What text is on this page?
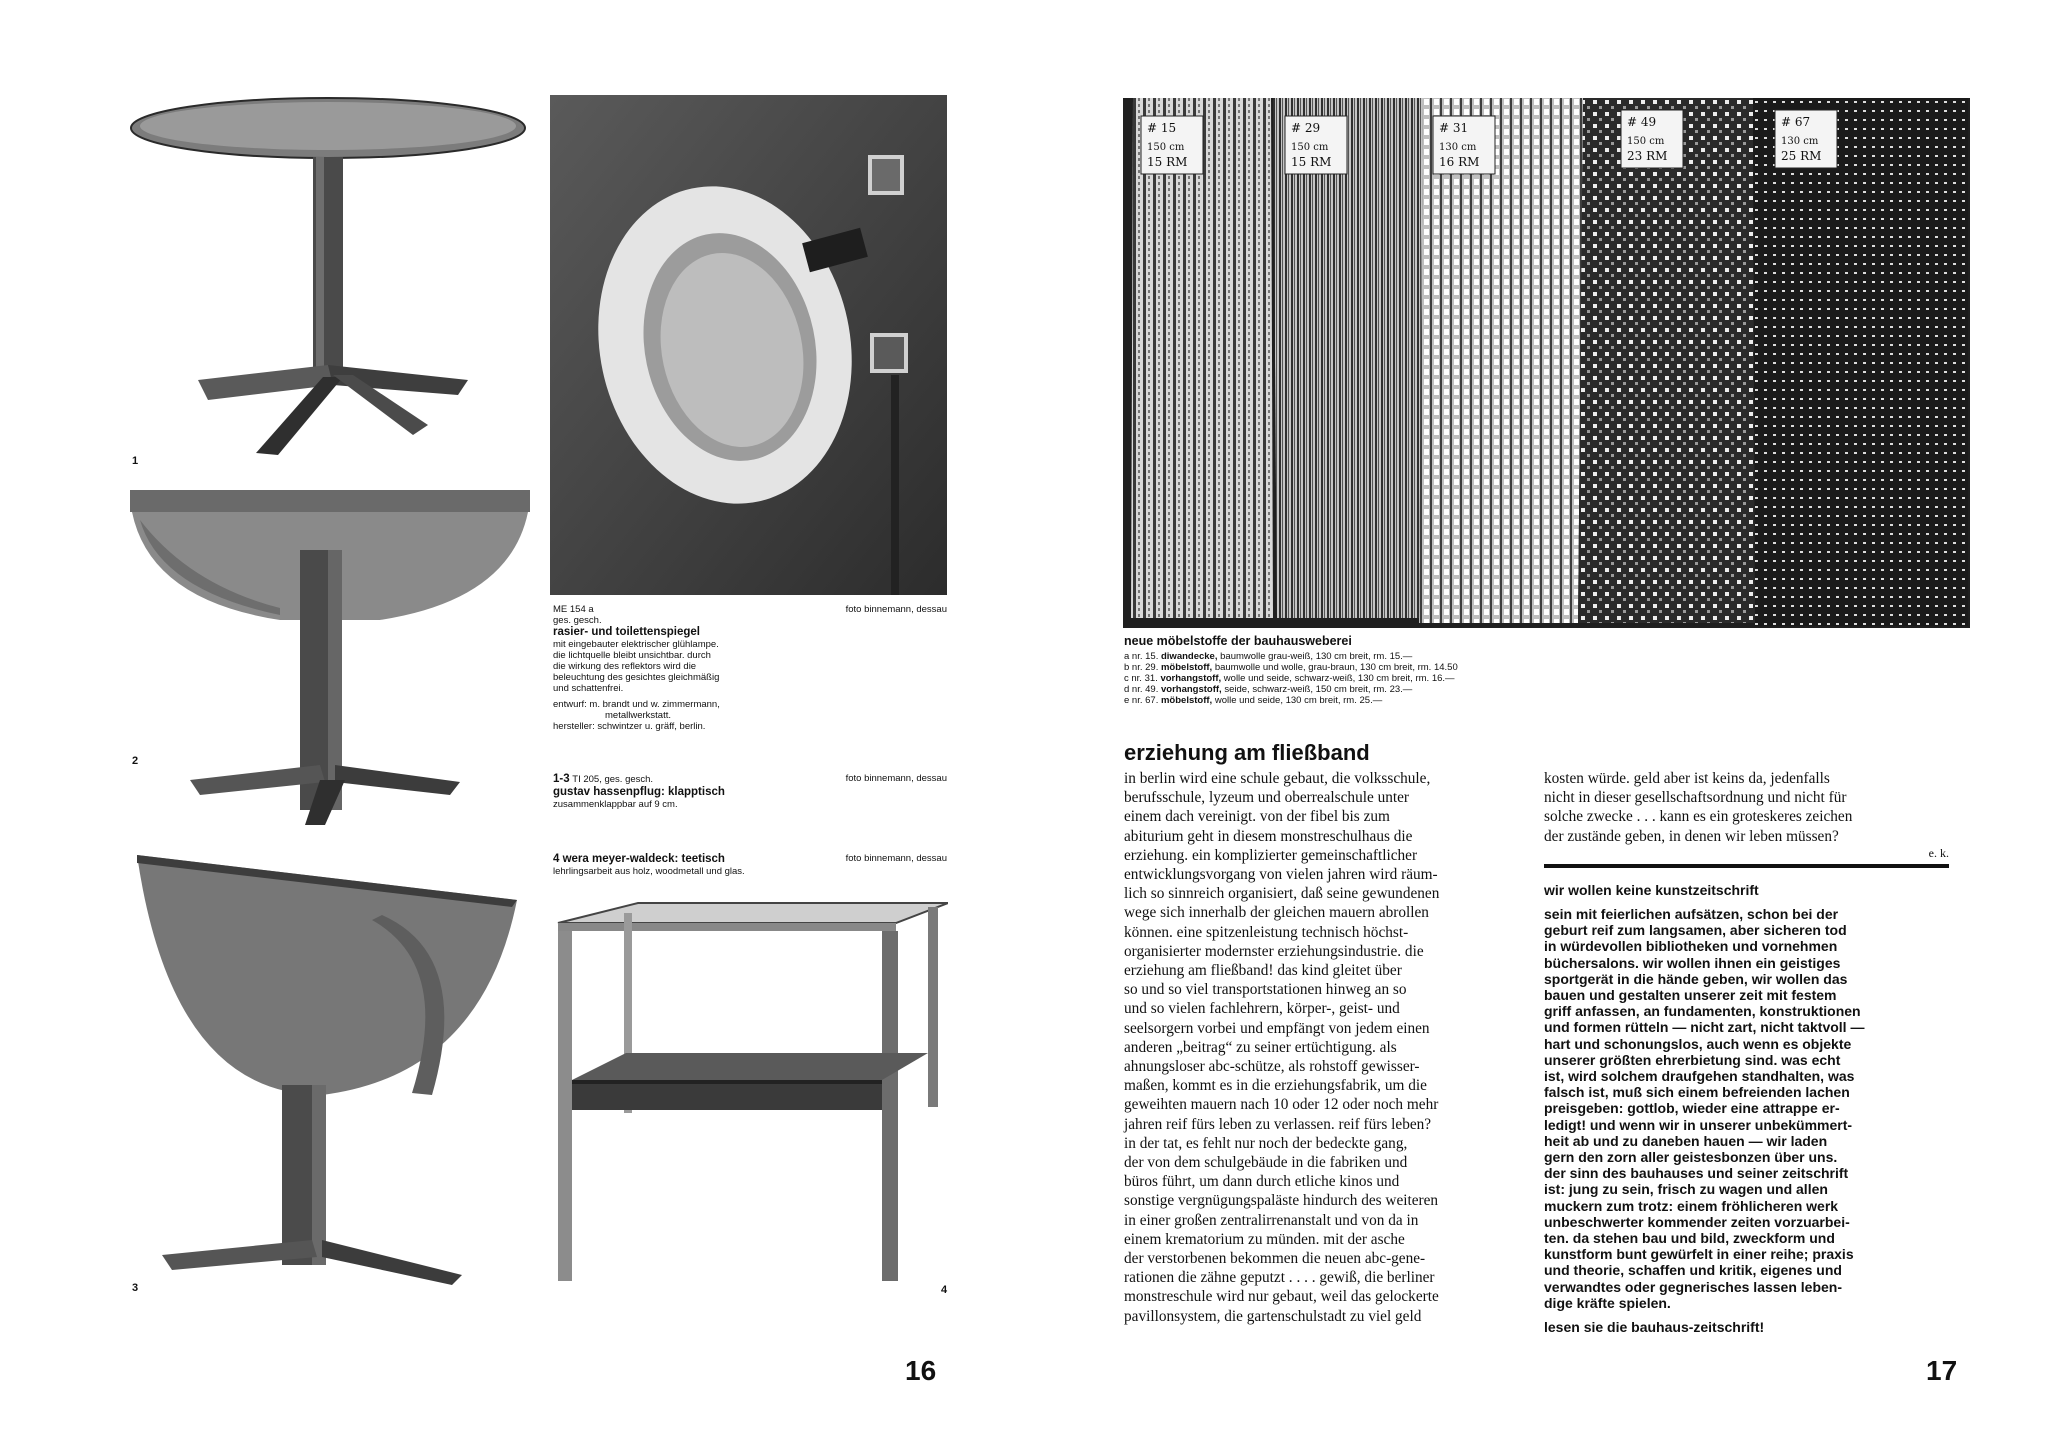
1
2
3
ME 154 a	foto binnemann, dessau
ges. gesch.
rasier- und toilettenspiegel
mit eingebauter elektrischer glühlampe.
die lichtquelle bleibt unsichtbar. durch
die wirkung des reflektors wird die
beleuchtung des gesichtes gleichmäßig
und schattenfrei.
entwurf: m. brandt und w. zimmermann,
metallwerkstatt.
hersteller: schwintzer u. gräff, berlin.
1-3 TI 205, ges. gesch.	foto binnemann, dessau
gustav hassenpflug: klapptisch
zusammenklappbar auf 9 cm.
4 wera meyer-waldeck: teetisch	foto binnemann, dessau
lehrlingsarbeit aus holz, woodmetall und glas.
4
16
# 15
150 cm
15 RM
# 29
150 cm
15 RM
# 31
130 cm
16 RM
# 49
150 cm
23 RM
# 67
130 cm
25 RM
neue möbelstoffe der bauhausweberei
a nr. 15. diwandecke, baumwolle grau-weiß, 130 cm breit, rm. 15.—
b nr. 29. möbelstoff, baumwolle und wolle, grau-braun, 130 cm breit, rm. 14.50
c nr. 31. vorhangstoff, wolle und seide, schwarz-weiß, 130 cm breit, rm. 16.—
d nr. 49. vorhangstoff, seide, schwarz-weiß, 150 cm breit, rm. 23.—
e nr. 67. möbelstoff, wolle und seide, 130 cm breit, rm. 25.—
erziehung am fließband

in berlin wird eine schule gebaut, die volksschule,

berufsschule, lyzeum und oberrealschule unter

einem dach vereinigt. von der fibel bis zum

abiturium geht in diesem monstreschulhaus die

erziehung. ein komplizierter gemeinschaftlicher

entwicklungsvorgang von vielen jahren wird räum-

lich so sinnreich organisiert, daß seine gewundenen

wege sich innerhalb der gleichen mauern abrollen

können. eine spitzenleistung technisch höchst-

organisierter modernster erziehungsindustrie. die

erziehung am fließband! das kind gleitet über

so und so viel transportstationen hinweg an so

und so vielen fachlehrern, körper-, geist- und

seelsorgern vorbei und empfängt von jedem einen

anderen „beitrag“ zu seiner ertüchtigung. als

ahnungsloser abc-schütze, als rohstoff gewisser-

maßen, kommt es in die erziehungsfabrik, um die

geweihten mauern nach 10 oder 12 oder noch mehr

jahren reif fürs leben zu verlassen. reif fürs leben?

in der tat, es fehlt nur noch der bedeckte gang,

der von dem schulgebäude in die fabriken und

büros führt, um dann durch etliche kinos und

sonstige vergnügungspaläste hindurch des weiteren

in einer großen zentralirrenanstalt und von da in

einem krematorium zu münden. mit der asche

der verstorbenen bekommen die neuen abc-gene-

rationen die zähne geputzt . . . . gewiß, die berliner

monstreschule wird nur gebaut, weil das gelockerte

pavillonsystem, die gartenschulstadt zu viel geld

kosten würde. geld aber ist keins da, jedenfalls

nicht in dieser gesellschaftsordnung und nicht für

solche zwecke . . . kann es ein groteskeres zeichen

der zustände geben, in denen wir leben müssen?

e. k.

wir wollen keine kunstzeitschrift
sein mit feierlichen aufsätzen, schon bei der
geburt reif zum langsamen, aber sicheren tod
in würdevollen bibliotheken und vornehmen
büchersalons. wir wollen ihnen ein geistiges
sportgerät in die hände geben, wir wollen das
bauen und gestalten unserer zeit mit festem
griff anfassen, an fundamenten, konstruktionen
und formen rütteln — nicht zart, nicht taktvoll —
hart und schonungslos, auch wenn es objekte
unserer größten ehrerbietung sind. was echt
ist, wird solchem draufgehen standhalten, was
falsch ist, muß sich einem befreienden lachen
preisgeben: gottlob, wieder eine attrappe er-
ledigt! und wenn wir in unserer unbekümmert-
heit ab und zu daneben hauen — wir laden
gern den zorn aller geistesbonzen über uns.
der sinn des bauhauses und seiner zeitschrift
ist: jung zu sein, frisch zu wagen und allen
muckern zum trotz: einem fröhlicheren werk
unbeschwerter kommender zeiten vorzuarbei-
ten. da stehen bau und bild, zweckform und
kunstform bunt gewürfelt in einer reihe; praxis
und theorie, schaffen und kritik, eigenes und
verwandtes oder gegnerisches lassen leben-
dige kräfte spielen.
lesen sie die bauhaus-zeitschrift!
17
